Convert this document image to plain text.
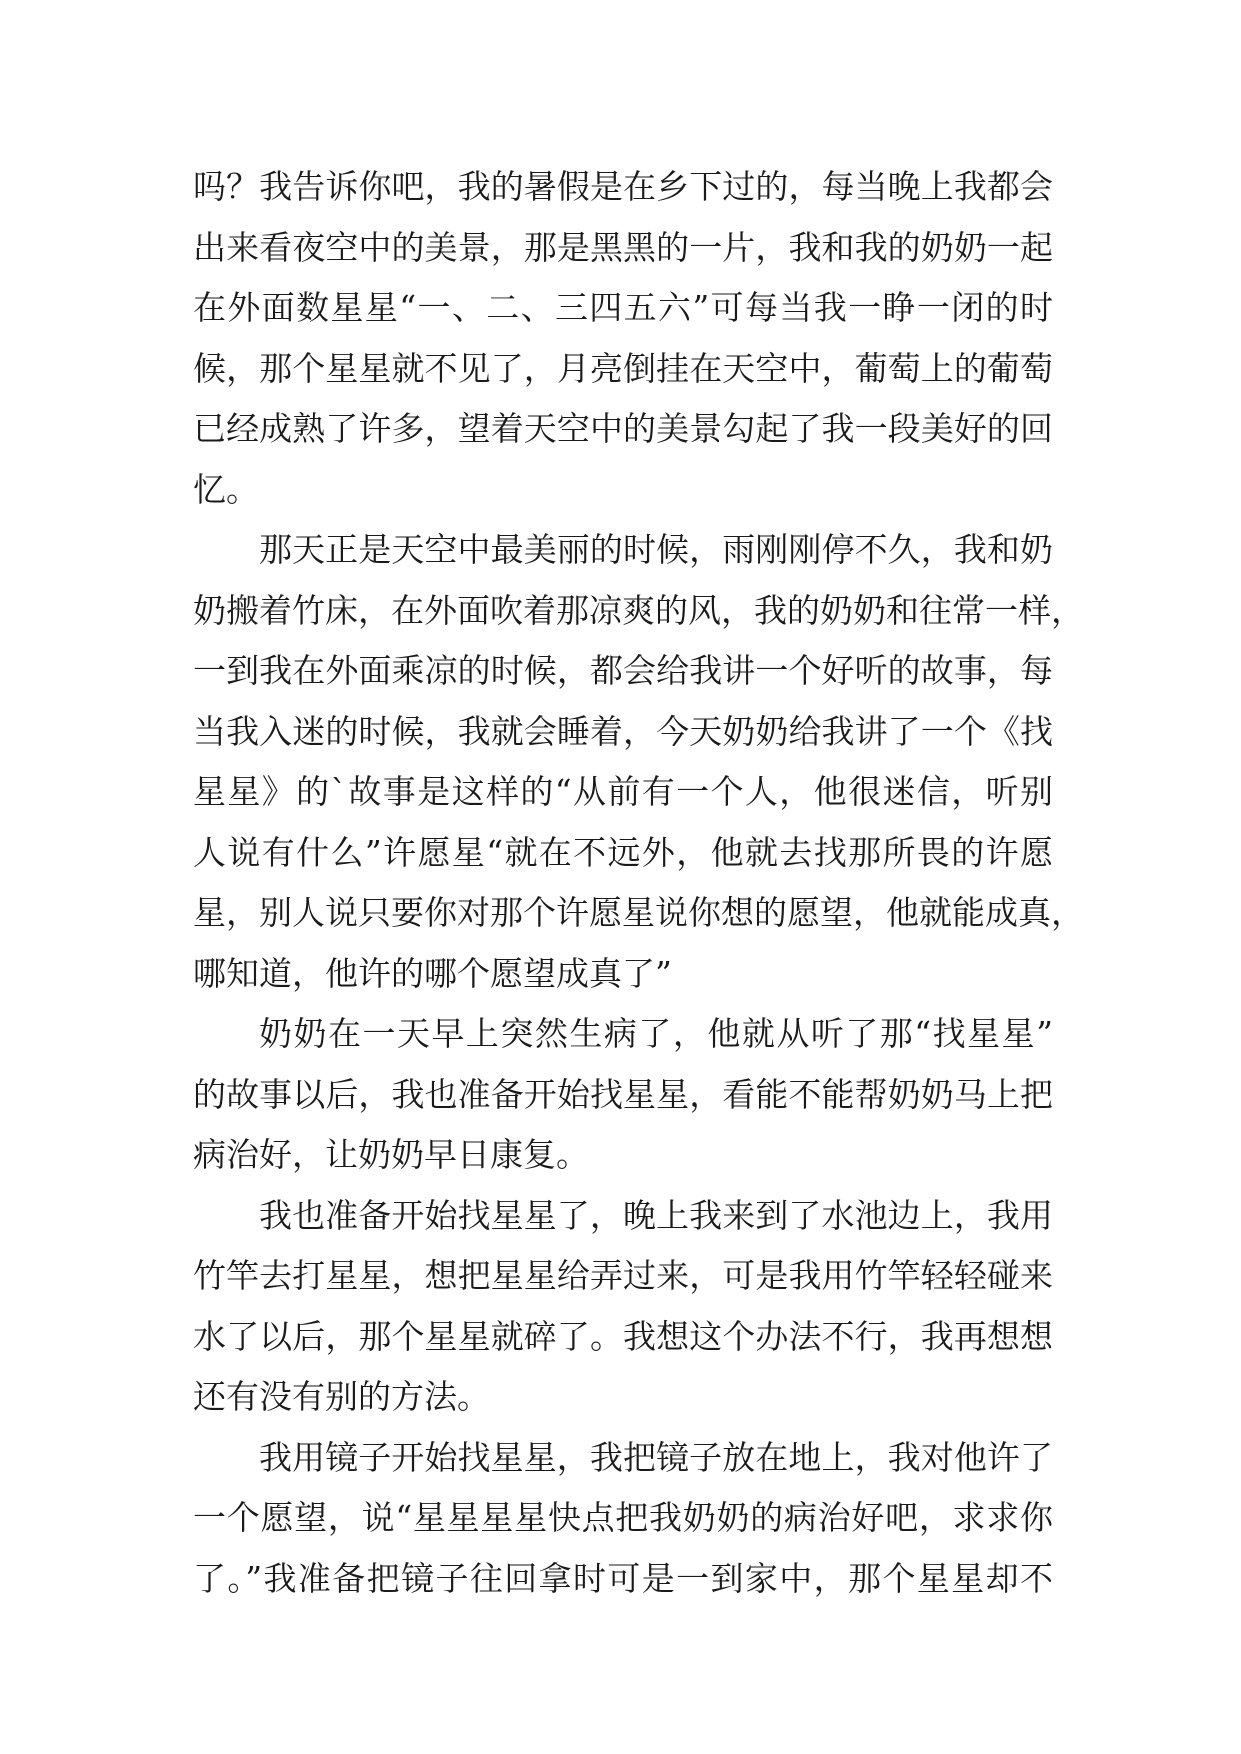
吗？我告诉你吧，我的暑假是在乡下过的，每当晚上我都会
出来看夜空中的美景，那是黑黑的一片，我和我的奶奶一起
在外面数星星“一、二、三四五六”可每当我一睁一闭的时
候，那个星星就不见了，月亮倒挂在天空中，葡萄上的葡萄
已经成熟了许多，望着天空中的美景勾起了我一段美好的回
忆。
那天正是天空中最美丽的时候，雨刚刚停不久，我和奶
奶搬着竹床，在外面吹着那凉爽的风，我的奶奶和往常一样，
一到我在外面乘凉的时候，都会给我讲一个好听的故事，每
当我入迷的时候，我就会睡着，今天奶奶给我讲了一个《找
星星》的`故事是这样的“从前有一个人，他很迷信，听别
人说有什么”许愿星“就在不远外，他就去找那所畏的许愿
星，别人说只要你对那个许愿星说你想的愿望，他就能成真，
哪知道，他许的哪个愿望成真了”
奶奶在一天早上突然生病了，他就从听了那“找星星”
的故事以后，我也准备开始找星星，看能不能帮奶奶马上把
病治好，让奶奶早日康复。
我也准备开始找星星了，晚上我来到了水池边上，我用
竹竿去打星星，想把星星给弄过来，可是我用竹竿轻轻碰来
水了以后，那个星星就碎了。我想这个办法不行，我再想想
还有没有别的方法。
我用镜子开始找星星，我把镜子放在地上，我对他许了
一个愿望，说“星星星星快点把我奶奶的病治好吧，求求你
了。”我准备把镜子往回拿时可是一到家中，那个星星却不
